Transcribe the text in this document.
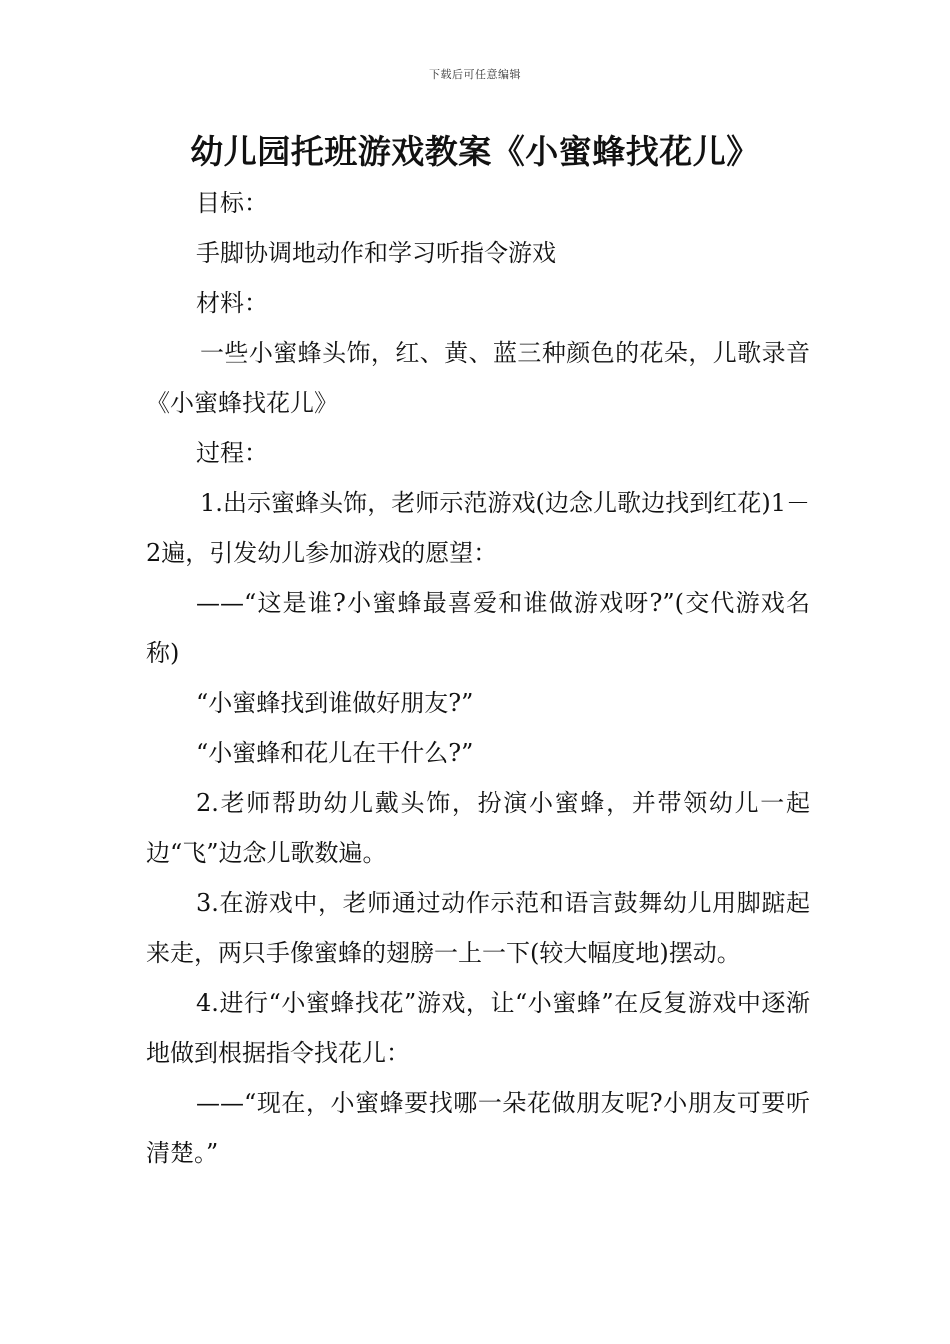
下载后可任意编辑
幼儿园托班游戏教案《小蜜蜂找花儿》

目标：

手脚协调地动作和学习听指令游戏

材料：

一些小蜜蜂头饰，红、黄、蓝三种颜色的花朵，儿歌录音《小蜜蜂找花儿》

过程：

1.出示蜜蜂头饰，老师示范游戏(边念儿歌边找到红花)1－2遍，引发幼儿参加游戏的愿望：

——“这是谁?小蜜蜂最喜爱和谁做游戏呀?”(交代游戏名称)

“小蜜蜂找到谁做好朋友?”

“小蜜蜂和花儿在干什么?”

2.老师帮助幼儿戴头饰，扮演小蜜蜂，并带领幼儿一起边“飞”边念儿歌数遍。

3.在游戏中，老师通过动作示范和语言鼓舞幼儿用脚踮起来走，两只手像蜜蜂的翅膀一上一下(较大幅度地)摆动。

4.进行“小蜜蜂找花”游戏，让“小蜜蜂”在反复游戏中逐渐地做到根据指令找花儿：

——“现在，小蜜蜂要找哪一朵花做朋友呢?小朋友可要听清楚。”
